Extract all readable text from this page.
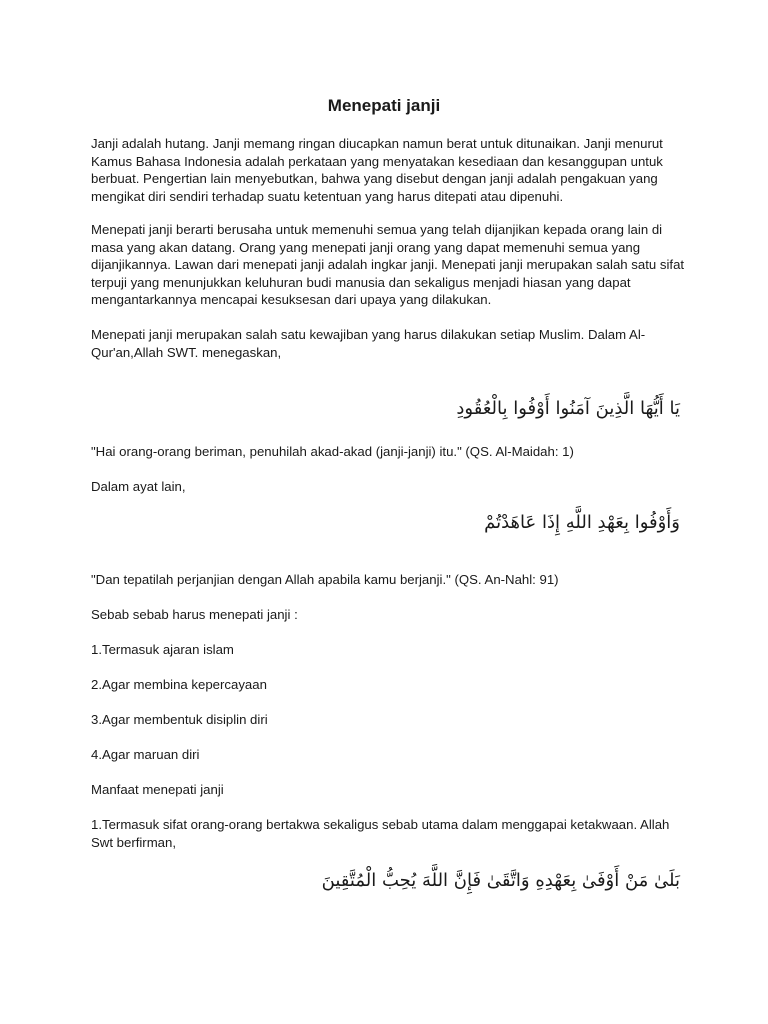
Menepati janji

Janji adalah hutang. Janji memang ringan diucapkan namun berat untuk ditunaikan. Janji menurut Kamus Bahasa Indonesia adalah perkataan yang menyatakan kesediaan dan kesanggupan untuk berbuat. Pengertian lain menyebutkan, bahwa yang disebut dengan janji adalah pengakuan yang mengikat diri sendiri terhadap suatu ketentuan yang harus ditepati atau dipenuhi.

Menepati janji berarti berusaha untuk memenuhi semua yang telah dijanjikan kepada orang lain di masa yang akan datang. Orang yang menepati janji orang yang dapat memenuhi semua yang dijanjikannya. Lawan dari menepati janji adalah ingkar janji. Menepati janji merupakan salah satu sifat terpuji yang menunjukkan keluhuran budi manusia dan sekaligus menjadi hiasan yang dapat mengantarkannya mencapai kesuksesan dari upaya yang dilakukan.

Menepati janji merupakan salah satu kewajiban yang harus dilakukan setiap Muslim. Dalam Al-Qur'an,Allah SWT. menegaskan,

يَا أَيُّهَا الَّذِينَ آمَنُوا أَوْفُوا بِالْعُقُودِ

"Hai orang-orang beriman, penuhilah akad-akad (janji-janji) itu." (QS. Al-Maidah: 1)

Dalam ayat lain,

وَأَوْفُوا بِعَهْدِ اللَّهِ إِذَا عَاهَدْتُمْ

"Dan tepatilah perjanjian dengan Allah apabila kamu berjanji." (QS. An-Nahl: 91)

Sebab sebab harus menepati janji :

1.Termasuk ajaran islam

2.Agar membina kepercayaan

3.Agar membentuk disiplin diri

4.Agar maruan diri

Manfaat menepati janji

1.Termasuk sifat orang-orang bertakwa sekaligus sebab utama dalam menggapai ketakwaan. Allah Swt berfirman,

بَلَىٰ مَنْ أَوْفَىٰ بِعَهْدِهِ وَاتَّقَىٰ فَإِنَّ اللَّهَ يُحِبُّ الْمُتَّقِينَ
